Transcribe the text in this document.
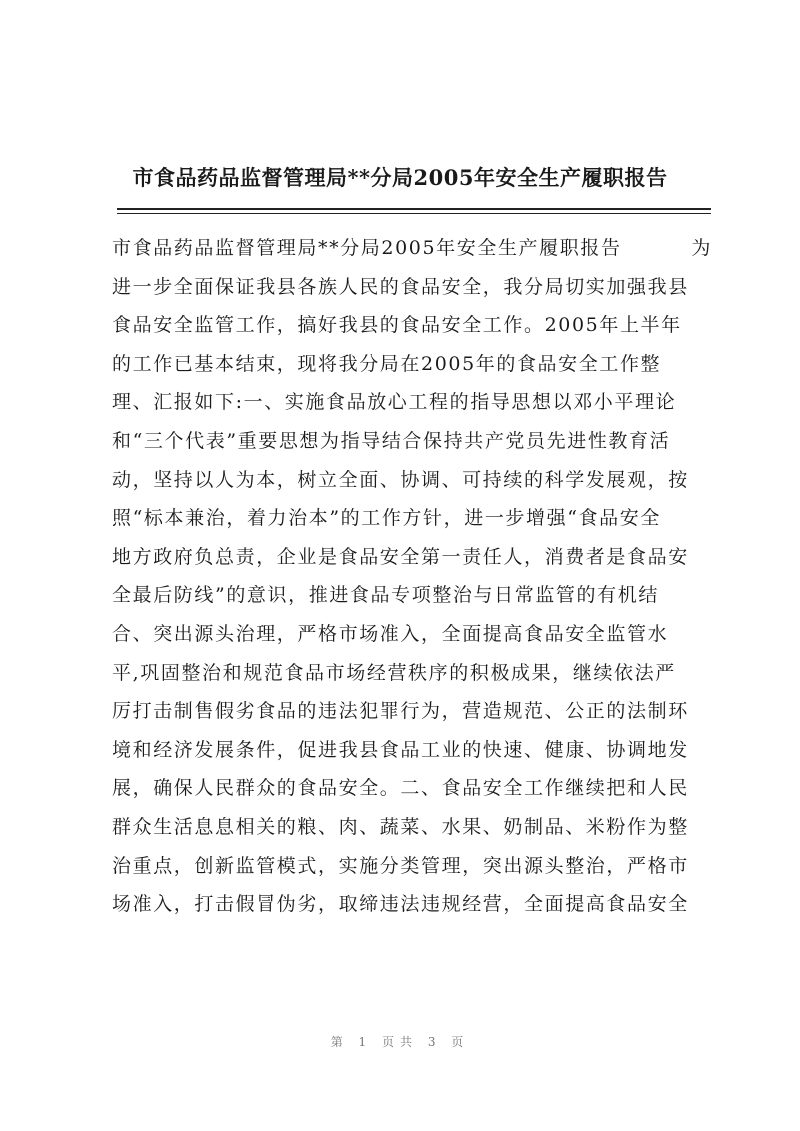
市食品药品监督管理局**分局2005年安全生产履职报告
市食品药品监督管理局**分局2005年安全生产履职报告	为
进一步全面保证我县各族人民的食品安全，我分局切实加强我县
食品安全监管工作，搞好我县的食品安全工作。2005年上半年
的工作已基本结束，现将我分局在2005年的食品安全工作整
理、汇报如下:一、实施食品放心工程的指导思想以邓小平理论
和“三个代表”重要思想为指导结合保持共产党员先进性教育活
动，坚持以人为本，树立全面、协调、可持续的科学发展观，按
照“标本兼治，着力治本”的工作方针，进一步增强“食品安全
地方政府负总责，企业是食品安全第一责任人，消费者是食品安
全最后防线”的意识，推进食品专项整治与日常监管的有机结
合、突出源头治理，严格市场准入，全面提高食品安全监管水
平,巩固整治和规范食品市场经营秩序的积极成果，继续依法严
厉打击制售假劣食品的违法犯罪行为，营造规范、公正的法制环
境和经济发展条件，促进我县食品工业的快速、健康、协调地发
展，确保人民群众的食品安全。二、食品安全工作继续把和人民
群众生活息息相关的粮、肉、蔬菜、水果、奶制品、米粉作为整
治重点，创新监管模式，实施分类管理，突出源头整治，严格市
场准入，打击假冒伪劣，取缔违法违规经营，全面提高食品安全
第 1 页共 3 页
